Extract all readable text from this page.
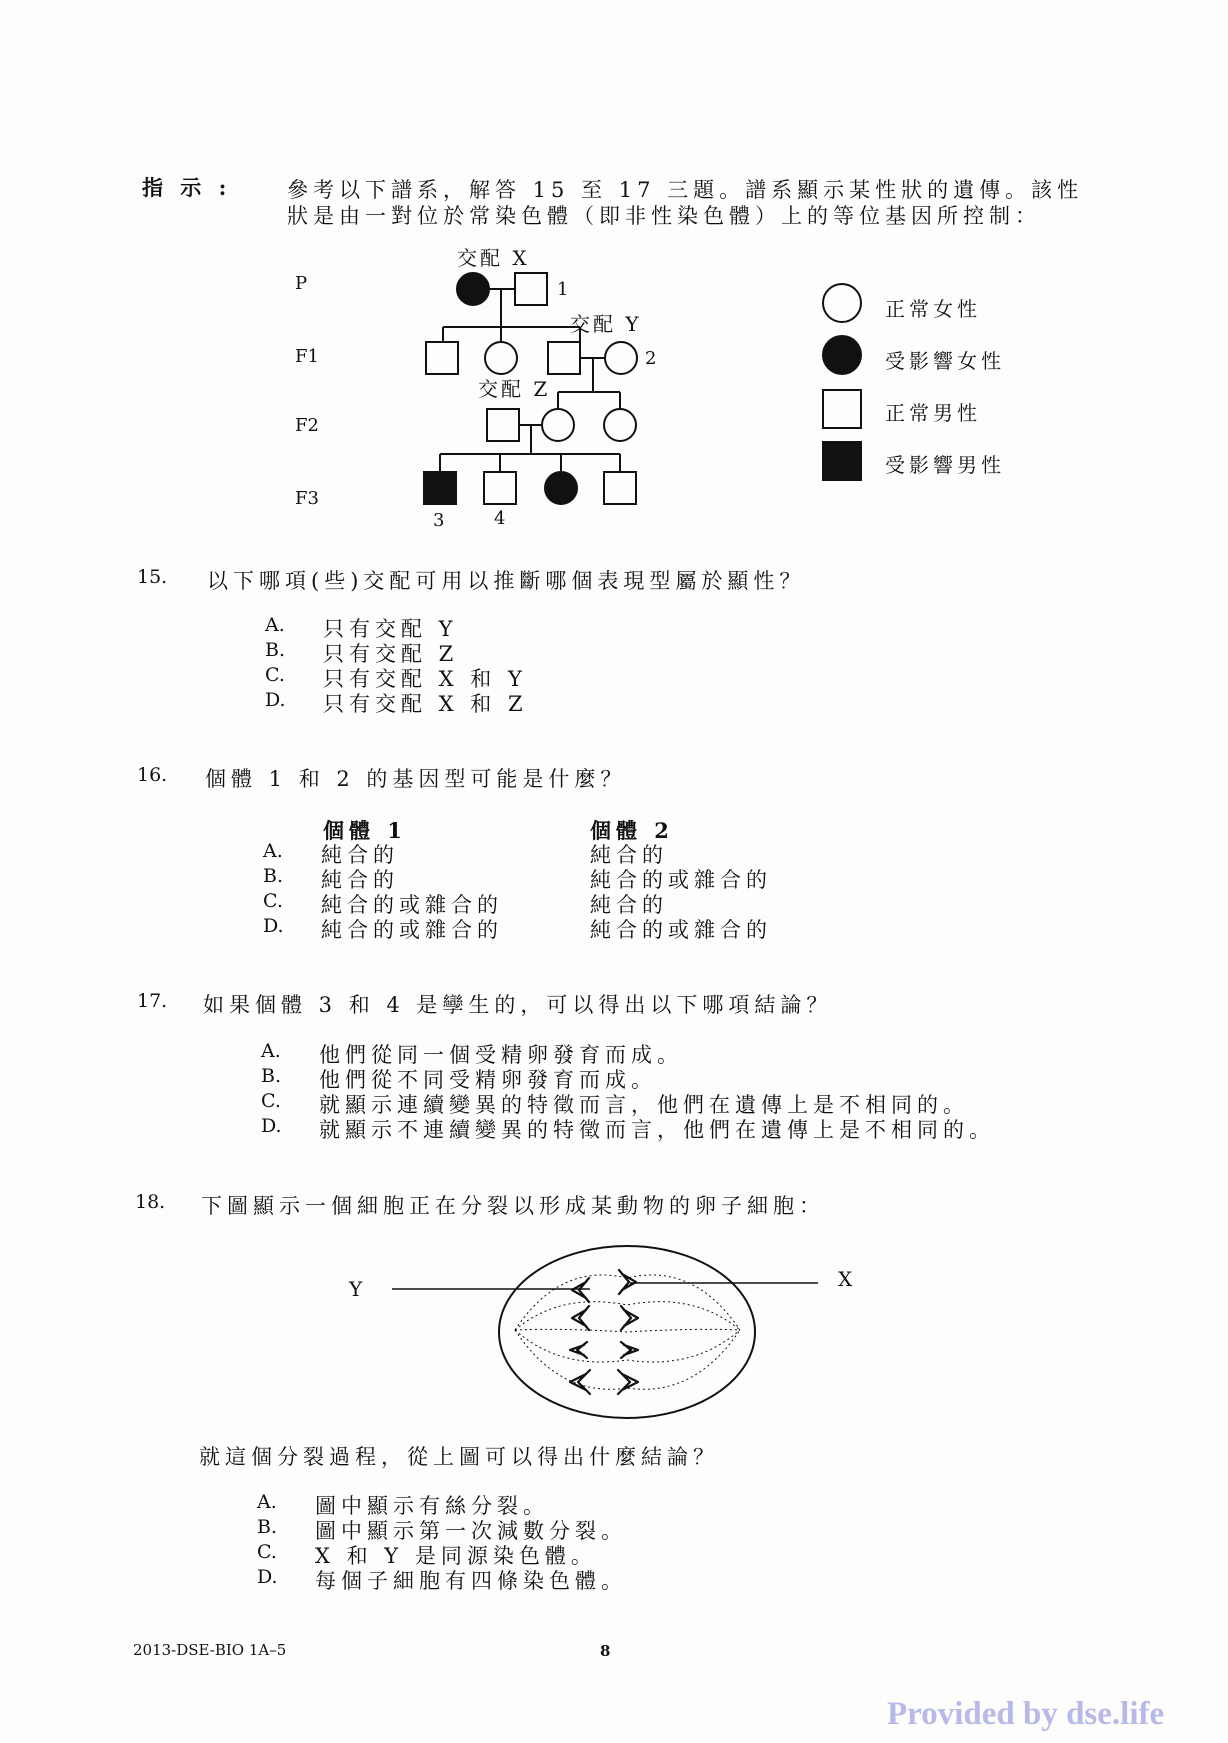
指 示 :	參考以下譜系，解答 15 至 17 三題。譜系顯示某性狀的遺傳。該性
狀是由一對位於常染色體（即非性染色體）上的等位基因所控制：
P
F1
F2
F3
交配 X
交配 Y
交配 Z
1
2
3	4
正常女性
受影響女性
正常男性
受影響男性
15. 以下哪項(些)交配可用以推斷哪個表現型屬於顯性？
A. 只有交配 Y
B. 只有交配 Z
C. 只有交配 X 和 Y
D. 只有交配 X 和 Z
16. 個體 1 和 2 的基因型可能是什麼？
個體 1	個體 2
A. 純合的	純合的
B. 純合的	純合的或雜合的
C. 純合的或雜合的	純合的
D. 純合的或雜合的	純合的或雜合的
17. 如果個體 3 和 4 是孿生的，可以得出以下哪項結論？
A. 他們從同一個受精卵發育而成。
B. 他們從不同受精卵發育而成。
C. 就顯示連續變異的特徵而言，他們在遺傳上是不相同的。
D. 就顯示不連續變異的特徵而言，他們在遺傳上是不相同的。
18. 下圖顯示一個細胞正在分裂以形成某動物的卵子細胞：
Y	X
就這個分裂過程，從上圖可以得出什麼結論？
A. 圖中顯示有絲分裂。
B. 圖中顯示第一次減數分裂。
C. X 和 Y 是同源染色體。
D. 每個子細胞有四條染色體。
2013-DSE-BIO 1A–5	8
Provided by dse.life
